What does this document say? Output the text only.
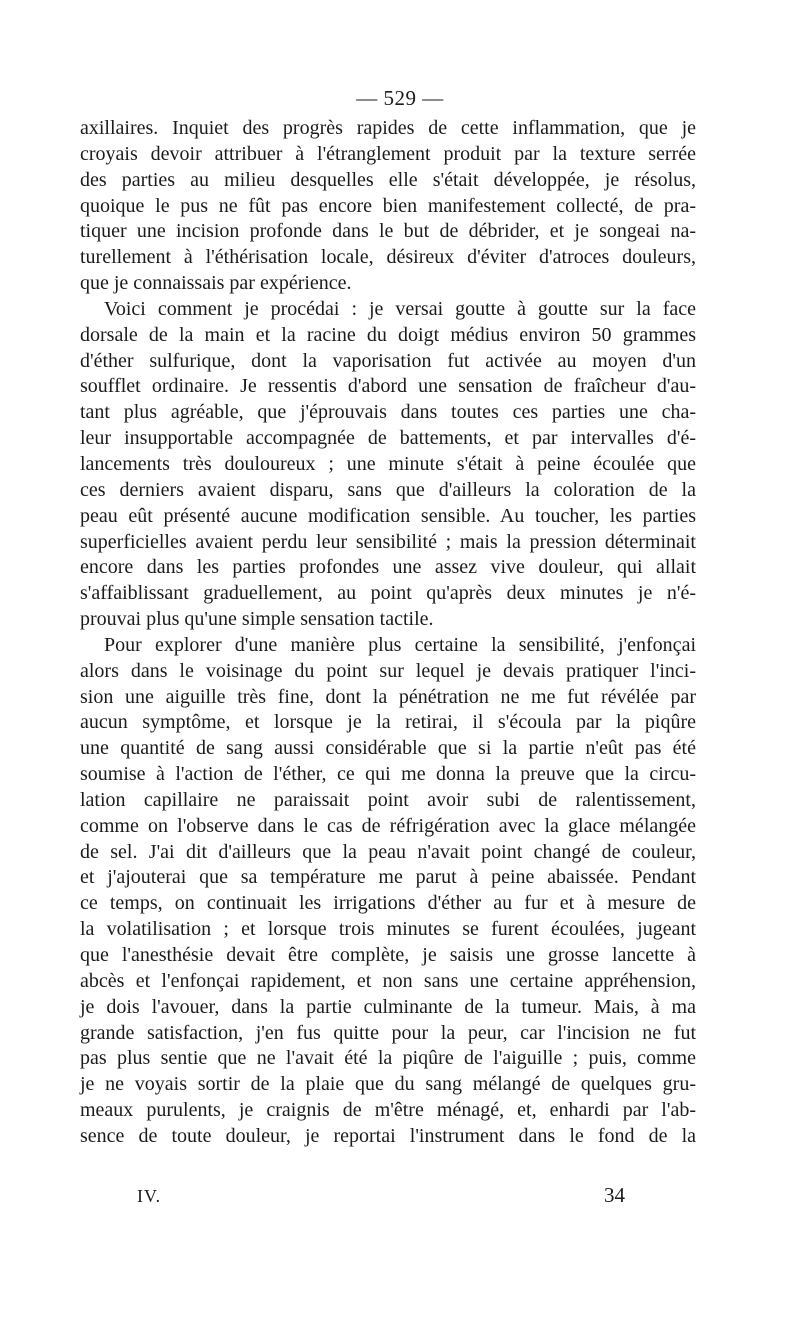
— 529 —
axillaires. Inquiet des progrès rapides de cette inflammation, que je
croyais devoir attribuer à l'étranglement produit par la texture serrée
des parties au milieu desquelles elle s'était développée, je résolus,
quoique le pus ne fût pas encore bien manifestement collecté, de pra-
tiquer une incision profonde dans le but de débrider, et je songeai na-
turellement à l'éthérisation locale, désireux d'éviter d'atroces douleurs,
que je connaissais par expérience.
Voici comment je procédai : je versai goutte à goutte sur la face
dorsale de la main et la racine du doigt médius environ 50 grammes
d'éther sulfurique, dont la vaporisation fut activée au moyen d'un
soufflet ordinaire. Je ressentis d'abord une sensation de fraîcheur d'au-
tant plus agréable, que j'éprouvais dans toutes ces parties une cha-
leur insupportable accompagnée de battements, et par intervalles d'é-
lancements très douloureux ; une minute s'était à peine écoulée que
ces derniers avaient disparu, sans que d'ailleurs la coloration de la
peau eût présenté aucune modification sensible. Au toucher, les parties
superficielles avaient perdu leur sensibilité ; mais la pression déterminait
encore dans les parties profondes une assez vive douleur, qui allait
s'affaiblissant graduellement, au point qu'après deux minutes je n'é-
prouvai plus qu'une simple sensation tactile.
Pour explorer d'une manière plus certaine la sensibilité, j'enfonçai
alors dans le voisinage du point sur lequel je devais pratiquer l'inci-
sion une aiguille très fine, dont la pénétration ne me fut révélée par
aucun symptôme, et lorsque je la retirai, il s'écoula par la piqûre
une quantité de sang aussi considérable que si la partie n'eût pas été
soumise à l'action de l'éther, ce qui me donna la preuve que la circu-
lation capillaire ne paraissait point avoir subi de ralentissement,
comme on l'observe dans le cas de réfrigération avec la glace mélangée
de sel. J'ai dit d'ailleurs que la peau n'avait point changé de couleur,
et j'ajouterai que sa température me parut à peine abaissée. Pendant
ce temps, on continuait les irrigations d'éther au fur et à mesure de
la volatilisation ; et lorsque trois minutes se furent écoulées, jugeant
que l'anesthésie devait être complète, je saisis une grosse lancette à
abcès et l'enfonçai rapidement, et non sans une certaine appréhension,
je dois l'avouer, dans la partie culminante de la tumeur. Mais, à ma
grande satisfaction, j'en fus quitte pour la peur, car l'incision ne fut
pas plus sentie que ne l'avait été la piqûre de l'aiguille ; puis, comme
je ne voyais sortir de la plaie que du sang mélangé de quelques gru-
meaux purulents, je craignis de m'être ménagé, et, enhardi par l'ab-
sence de toute douleur, je reportai l'instrument dans le fond de la
IV.	34
